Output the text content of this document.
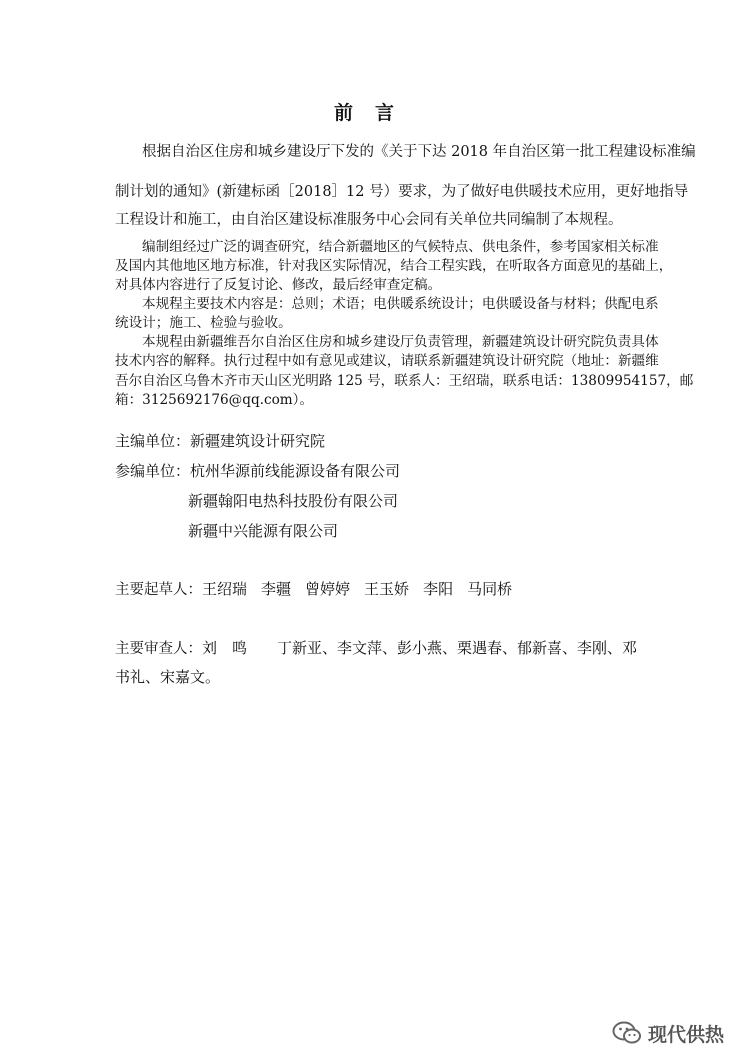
前言
根据自治区住房和城乡建设厅下发的《关于下达 2018 年自治区第一批工程建设标准编
制计划的通知》(新建标函［2018］12 号）要求，为了做好电供暖技术应用，更好地指导
工程设计和施工，由自治区建设标准服务中心会同有关单位共同编制了本规程。
编制组经过广泛的调查研究，结合新疆地区的气候特点、供电条件，参考国家相关标准
及国内其他地区地方标准，针对我区实际情况，结合工程实践，在听取各方面意见的基础上，
对具体内容进行了反复讨论、修改，最后经审查定稿。
本规程主要技术内容是：总则；术语；电供暖系统设计；电供暖设备与材料；供配电系
统设计；施工、检验与验收。
本规程由新疆维吾尔自治区住房和城乡建设厅负责管理，新疆建筑设计研究院负责具体
技术内容的解释。执行过程中如有意见或建议，请联系新疆建筑设计研究院（地址：新疆维
吾尔自治区乌鲁木齐市天山区光明路 125 号，联系人：王绍瑞，联系电话：13809954157，邮
箱：3125692176@qq.com）。
主编单位：新疆建筑设计研究院
参编单位：杭州华源前线能源设备有限公司
新疆翰阳电热科技股份有限公司
新疆中兴能源有限公司
主要起草人：王绍瑞 李疆 曾婷婷 王玉娇 李阳 马同桥
主要审查人：刘　鸣　　丁新亚、李文萍、彭小燕、栗遇春、郁新喜、李刚、邓
书礼、宋嘉文。
现代供热
